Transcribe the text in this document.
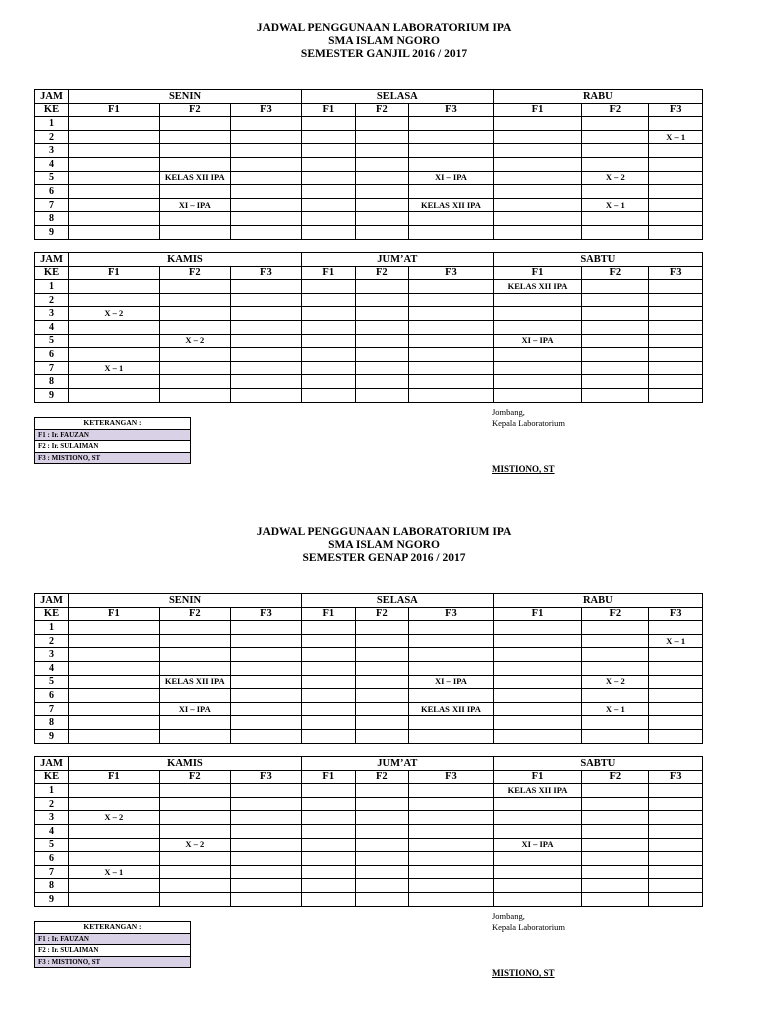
JADWAL PENGGUNAAN LABORATORIUM IPA
SMA ISLAM NGORO
SEMESTER GANJIL 2016 / 2017
JAM	SENIN			SELASA			RABU		
KE	F1	F2	F3	F1	F2	F3	F1	F2	F3
1									
2									X – 1
3									
4									
5		KELAS XII IPA				XI – IPA		X – 2	
6									
7		XI – IPA				KELAS XII IPA		X – 1	
8									
9									
JAM	KAMIS			JUM’AT			SABTU		
KE	F1	F2	F3	F1	F2	F3	F1	F2	F3
1							KELAS XII IPA		
2									
3	X – 2								
4									
5		X – 2					XI – IPA		
6									
7	X – 1								
8									
9									
KETERANGAN :
F1 : Ir. FAUZAN
F2 : Ir. SULAIMAN
F3 : MISTIONO, ST
Jombang,
Kepala Laboratorium
MISTIONO, ST
JADWAL PENGGUNAAN LABORATORIUM IPA
SMA ISLAM NGORO
SEMESTER GENAP 2016 / 2017
JAM	SENIN			SELASA			RABU		
KE	F1	F2	F3	F1	F2	F3	F1	F2	F3
1									
2									X – 1
3									
4									
5		KELAS XII IPA				XI – IPA		X – 2	
6									
7		XI – IPA				KELAS XII IPA		X – 1	
8									
9									
JAM	KAMIS			JUM’AT			SABTU		
KE	F1	F2	F3	F1	F2	F3	F1	F2	F3
1							KELAS XII IPA		
2									
3	X – 2								
4									
5		X – 2					XI – IPA		
6									
7	X – 1								
8									
9									
KETERANGAN :
F1 : Ir. FAUZAN
F2 : Ir. SULAIMAN
F3 : MISTIONO, ST
Jombang,
Kepala Laboratorium
MISTIONO, ST
